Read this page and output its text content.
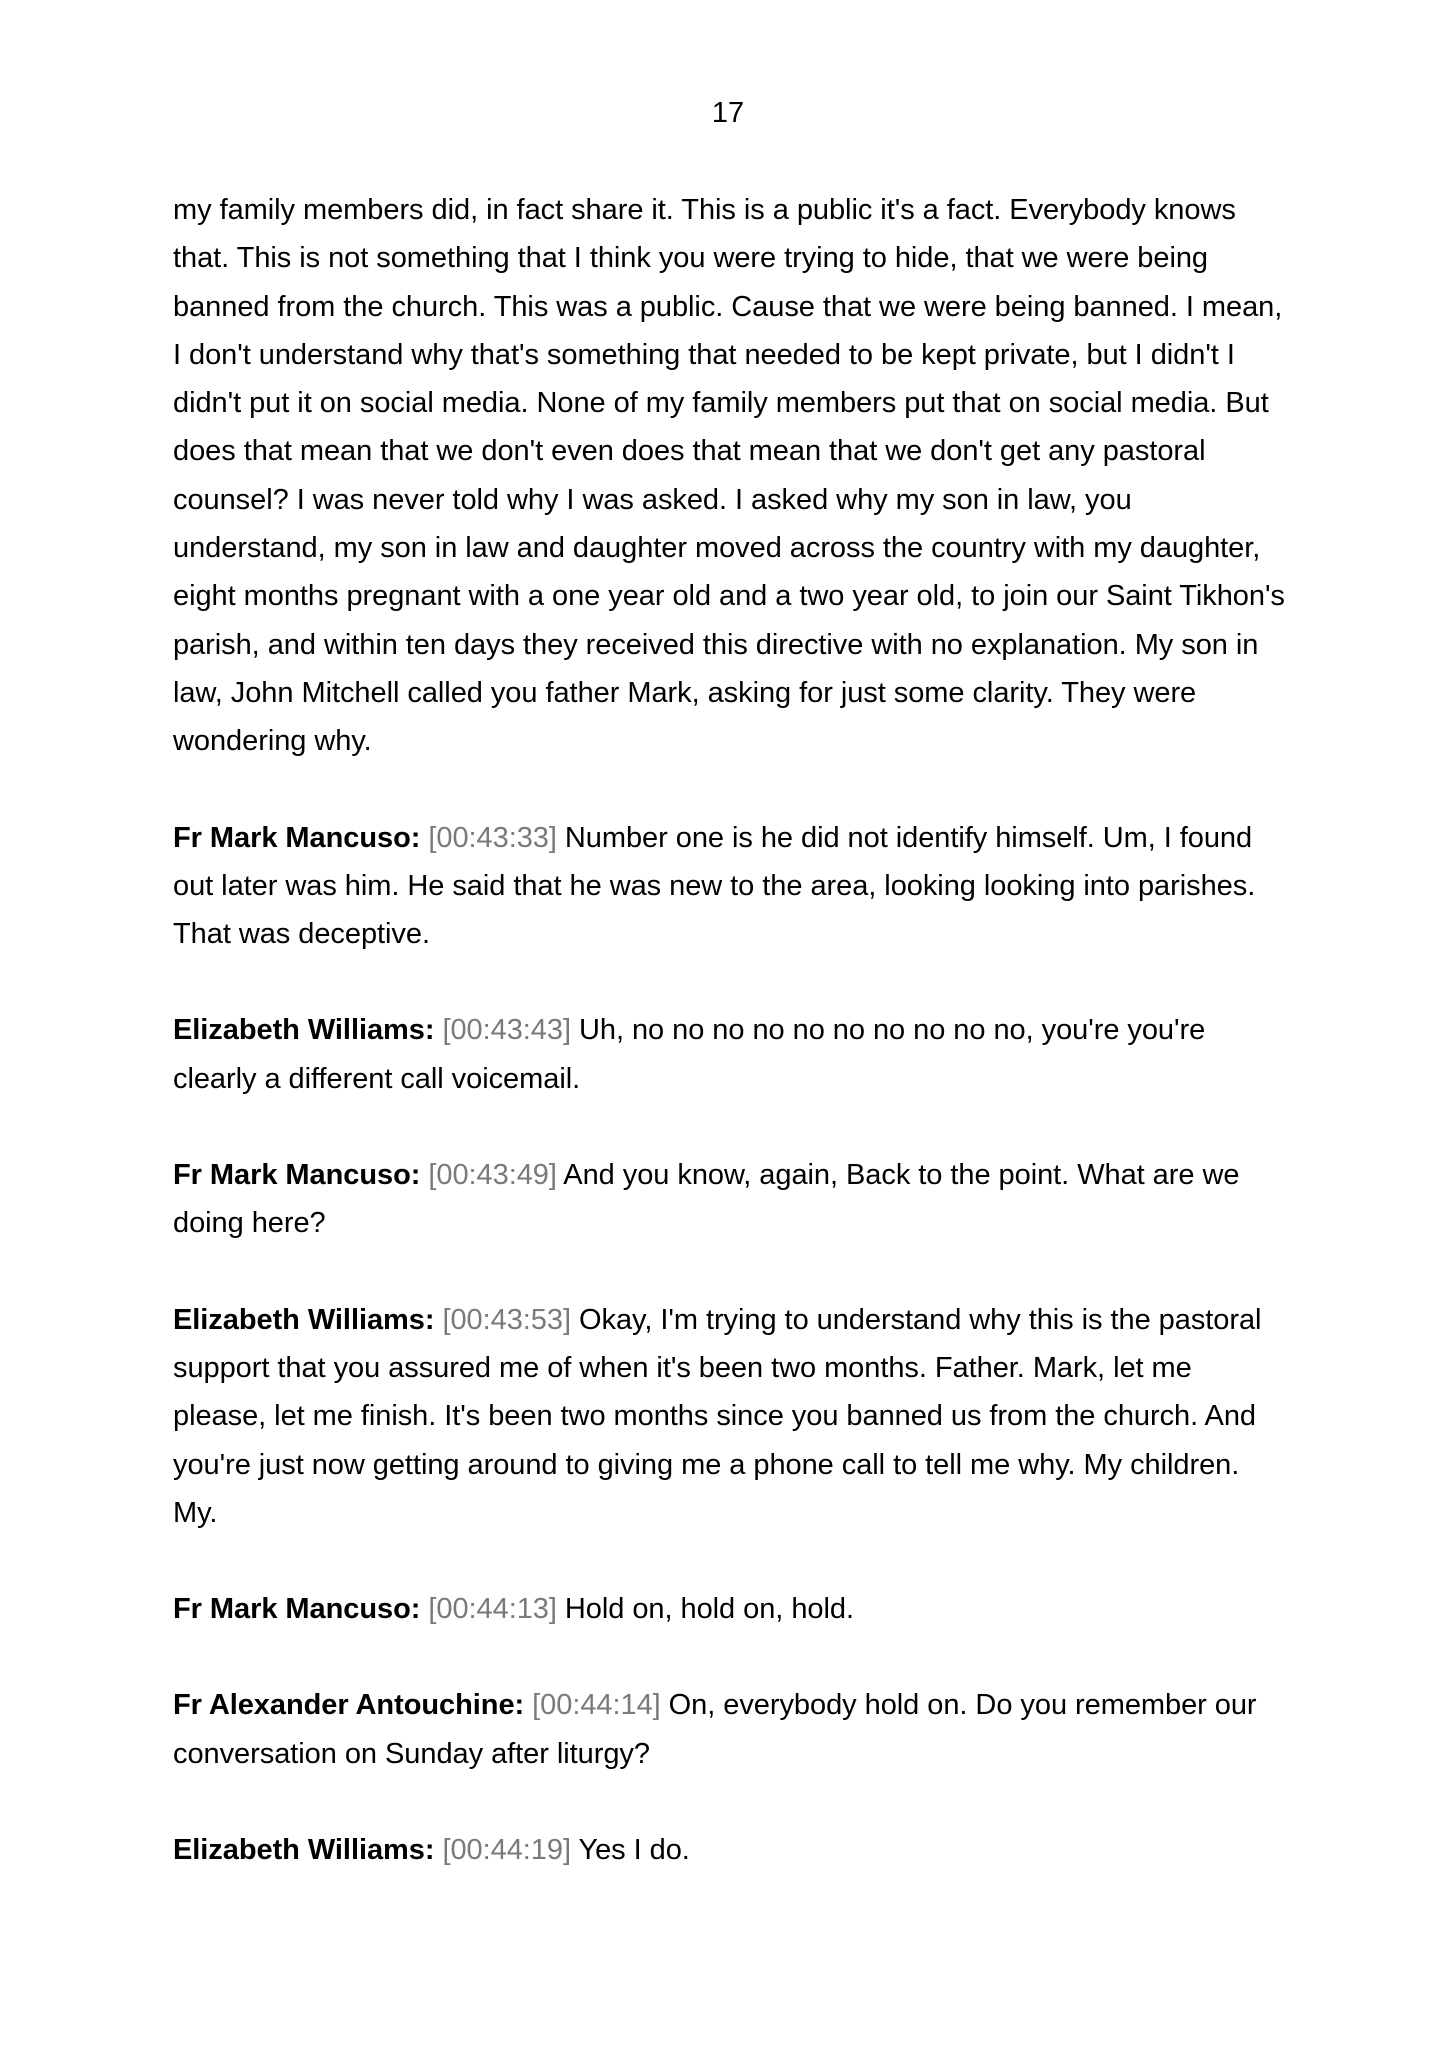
17

my family members did, in fact share it. This is a public it's a fact. Everybody knows that. This is not something that I think you were trying to hide, that we were being banned from the church. This was a public. Cause that we were being banned. I mean, I don't understand why that's something that needed to be kept private, but I didn't I didn't put it on social media. None of my family members put that on social media. But does that mean that we don't even does that mean that we don't get any pastoral counsel? I was never told why I was asked. I asked why my son in law, you understand, my son in law and daughter moved across the country with my daughter, eight months pregnant with a one year old and a two year old, to join our Saint Tikhon's parish, and within ten days they received this directive with no explanation. My son in law, John Mitchell called you father Mark, asking for just some clarity. They were wondering why.

Fr Mark Mancuso: [00:43:33] Number one is he did not identify himself. Um, I found out later was him. He said that he was new to the area, looking looking into parishes. That was deceptive.

Elizabeth Williams: [00:43:43] Uh, no no no no no no no no no no, you're you're clearly a different call voicemail.

Fr Mark Mancuso: [00:43:49] And you know, again, Back to the point. What are we doing here?

Elizabeth Williams: [00:43:53] Okay, I'm trying to understand why this is the pastoral support that you assured me of when it's been two months. Father. Mark, let me please, let me finish. It's been two months since you banned us from the church. And you're just now getting around to giving me a phone call to tell me why. My children. My.

Fr Mark Mancuso: [00:44:13] Hold on, hold on, hold.

Fr Alexander Antouchine: [00:44:14] On, everybody hold on. Do you remember our conversation on Sunday after liturgy?

Elizabeth Williams: [00:44:19] Yes I do.
